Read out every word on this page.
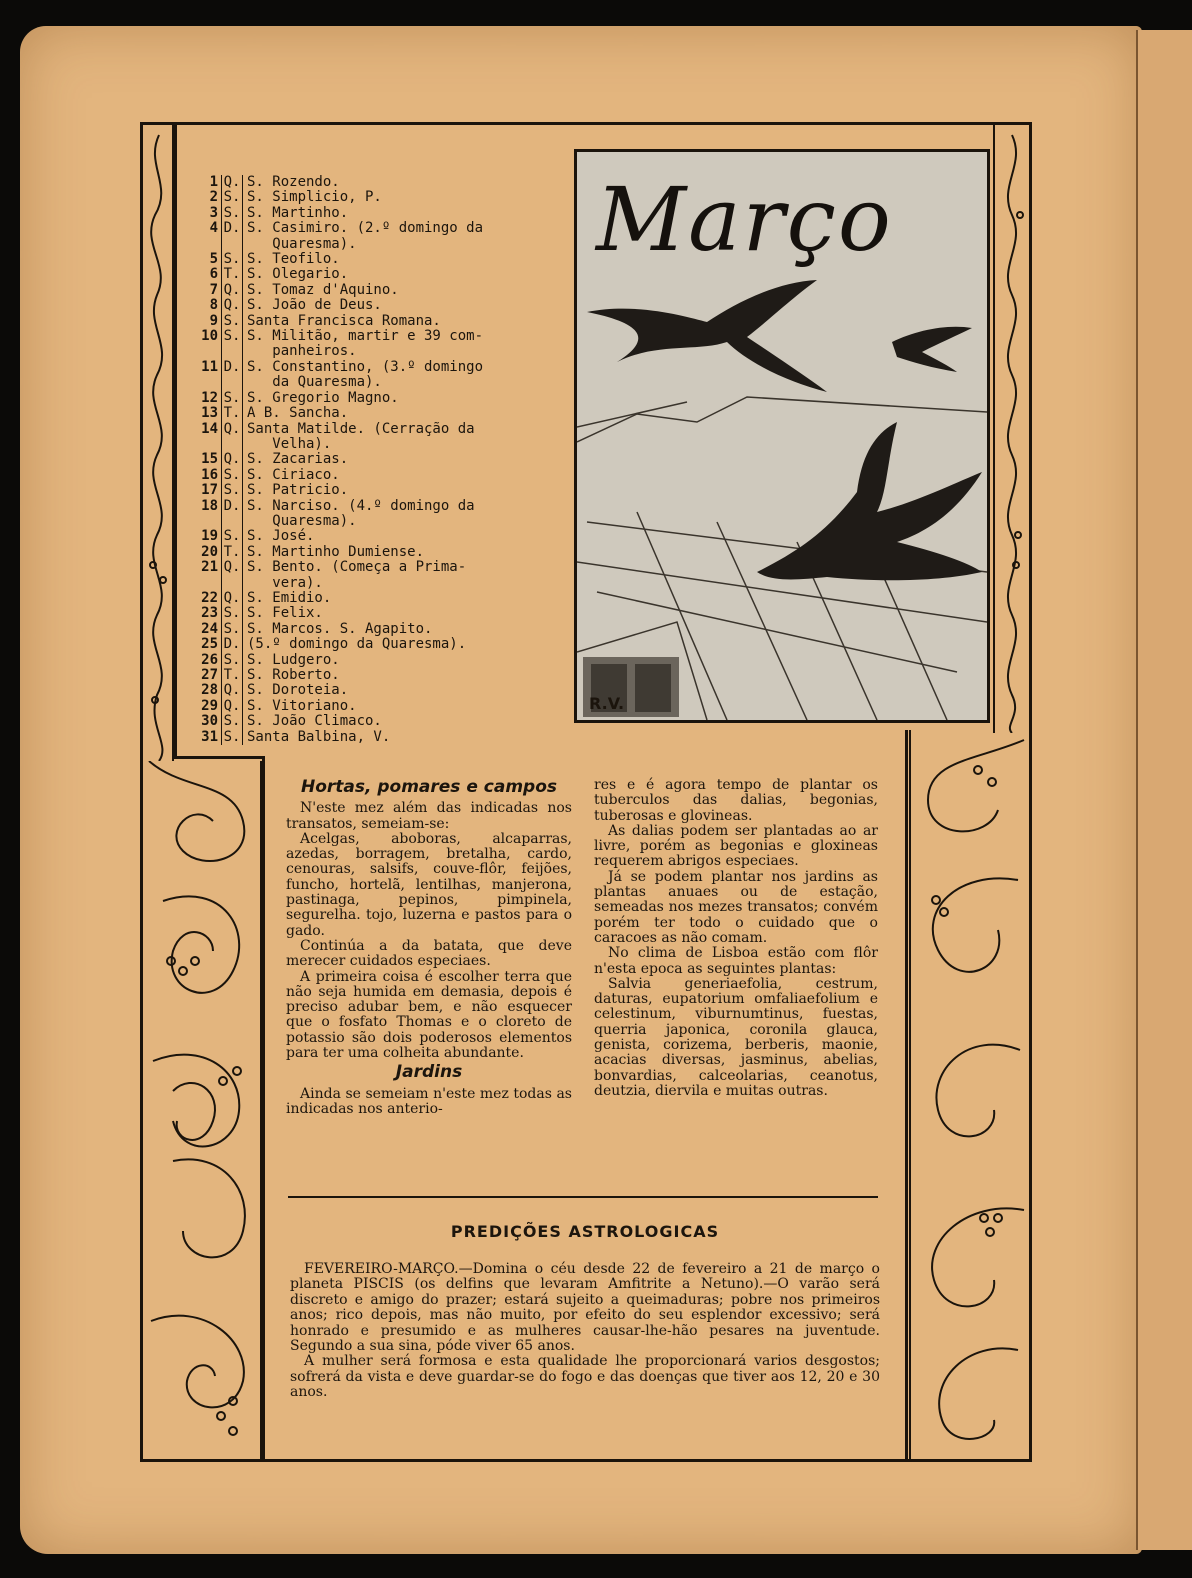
1 Q. S. Rozendo.
2 S. S. Simplicio, P.
3 S. S. Martinho.
4 D. S. Casimiro. (2.º domingo da
Quaresma).
5 S. S. Teofilo.
6 T. S. Olegario.
7 Q. S. Tomaz d'Aquino.
8 Q. S. João de Deus.
9 S. Santa Francisca Romana.
10 S. S. Militão, martir e 39 com-
panheiros.
11 D. S. Constantino, (3.º domingo
da Quaresma).
12 S. S. Gregorio Magno.
13 T. A B. Sancha.
14 Q. Santa Matilde. (Cerração da
Velha).
15 Q. S. Zacarias.
16 S. S. Ciriaco.
17 S. S. Patricio.
18 D. S. Narciso. (4.º domingo da
Quaresma).
19 S. S. José.
20 T. S. Martinho Dumiense.
21 Q. S. Bento. (Começa a Prima-
vera).
22 Q. S. Emidio.
23 S. S. Felix.
24 S. S. Marcos. S. Agapito.
25 D. (5.º domingo da Quaresma).
26 S. S. Ludgero.
27 T. S. Roberto.
28 Q. S. Doroteia.
29 Q. S. Vitoriano.
30 S. S. João Climaco.
31 S. Santa Balbina, V.
R.V.
Março
Hortas, pomares e campos

N'este mez além das indicadas nos transatos, semeiam-se:

Acelgas, aboboras, alcaparras, azedas, borragem, bretalha, cardo, cenouras, salsifs, couve-flôr, feijões, funcho, hortelã, lentilhas, manjerona, pastinaga, pepinos, pimpinela, segurelha. tojo, luzerna e pastos para o gado.

Continúa a da batata, que deve merecer cuidados especiaes.

A primeira coisa é escolher terra que não seja humida em demasia, depois é preciso adubar bem, e não esquecer que o fosfato Thomas e o cloreto de potassio são dois poderosos elementos para ter uma colheita abundante.

Jardins

Ainda se semeiam n'este mez todas as indicadas nos anterio-

res e é agora tempo de plantar os tuberculos das dalias, begonias, tuberosas e glovineas.

As dalias podem ser plantadas ao ar livre, porém as begonias e gloxineas requerem abrigos especiaes.

Já se podem plantar nos jardins as plantas anuaes ou de estação, semeadas nos mezes transatos; convém porém ter todo o cuidado que o caracoes as não comam.

No clima de Lisboa estão com flôr n'esta epoca as seguintes plantas:

Salvia generiaefolia, cestrum, daturas, eupatorium omfaliaefolium e celestinum, viburnumtinus, fuestas, querria japonica, coronila glauca, genista, corizema, berberis, maonie, acacias diversas, jasminus, abelias, bonvardias, calceolarias, ceanotus, deutzia, diervila e muitas outras.

PREDIÇÕES ASTROLOGICAS

FEVEREIRO-MARÇO.—Domina o céu desde 22 de fevereiro a 21 de março o planeta PISCIS (os delfins que levaram Amfitrite a Netuno).—O varão será discreto e amigo do prazer; estará sujeito a queimaduras; pobre nos primeiros anos; rico depois, mas não muito, por efeito do seu esplendor excessivo; será honrado e presumido e as mulheres causar-lhe-hão pesares na juventude. Segundo a sua sina, póde viver 65 anos.

A mulher será formosa e esta qualidade lhe proporcionará varios desgostos; sofrerá da vista e deve guardar-se do fogo e das doenças que tiver aos 12, 20 e 30 anos.
